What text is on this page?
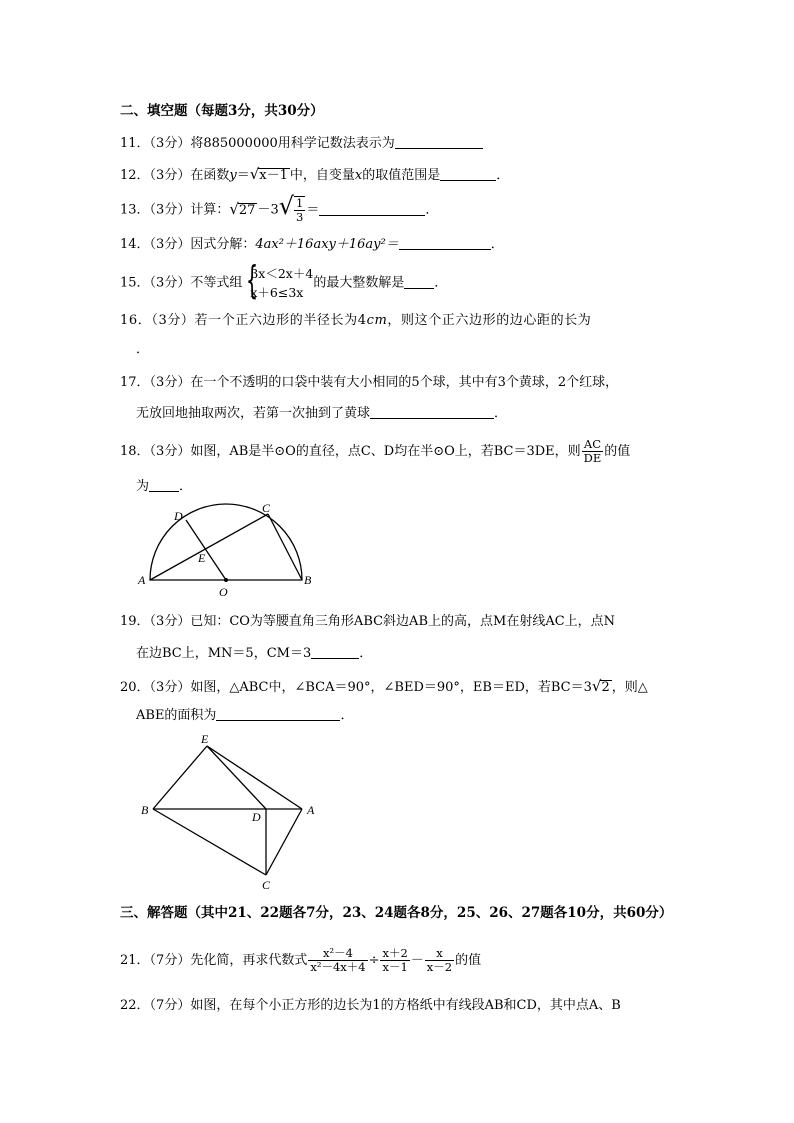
二、填空题（每题3分，共30分）
11．（3分）将885000000用科学记数法表示为
12．（3分）在函数y＝√x－1 中，自变量x的取值范围是	．
13．（3分）计算：$√27 -3√ \frac{1}{3}$ ＝	．
14．（3分）因式分解：4ax²＋16axy＋16ay²＝	．
15．（3分）不等式组 {
3x＜2x＋4
x＋6≤3x
的最大整数解是 ．
16．（3分）若一个正六边形的半径长为4cm，则这个正六边形的边心距的长为
．
17．（3分）在一个不透明的口袋中装有大小相同的5个球，其中有3个黄球，2个红球，
无放回地抽取两次，若第一次抽到了黄球	．
18．（3分）如图，AB是半⊙O的直径，点C、D均在半⊙O上，若BC＝3DE，则 $\frac{AC}{DE}$ 的值
为 ．
A	B
C
D
E
O
19．（3分）已知：CO为等腰直角三角形ABC斜边AB上的高，点M在射线AC上，点N
在边BC上，MN＝5，CM＝3	．
20．（3分）如图，△ABC中，∠BCA＝90°，∠BED＝90°，EB＝ED，若BC＝3√2 ，则△
ABE的面积为	．
E
B	D	A
C
三、解答题（其中21、22题各7分，23、24题各8分，25、26、27题各10分，共60分）
21．（7分）先化简，再求代数式 $\frac{\text{x²－4}}{\text{x²－4x＋4}} \div \frac{x+2}{x-1} - \frac{x}{x-2}$ 的值
22．（7分）如图，在每个小正方形的边长为1的方格纸中有线段AB和CD，其中点A、B
